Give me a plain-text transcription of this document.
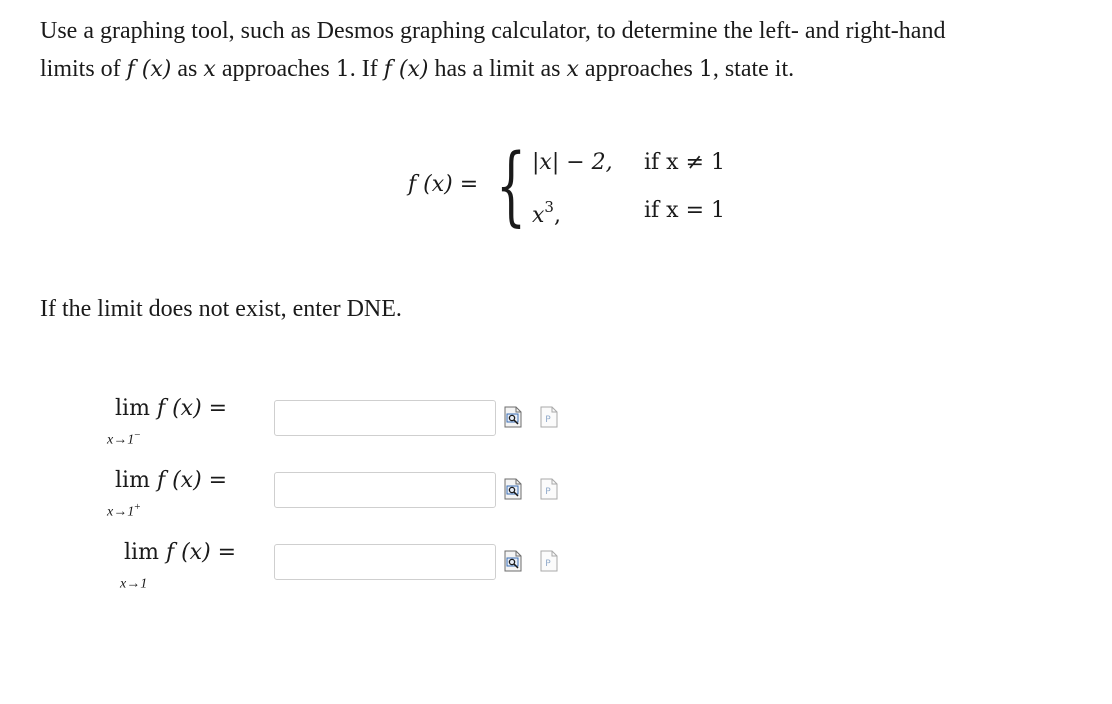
Use a graphing tool, such as Desmos graphing calculator, to determine the left- and right-hand

limits of f (x) as x approaches 1. If f (x) has a limit as x approaches 1, state it.

f (x) = { |x| − 2, if x ≠ 1
$x^3$,	if x = 1
If the limit does not exist, enter DNE.
lim f (x) =
x→1−
P
lim f (x) =
x→1+
P
lim f (x) =
x→1
P
